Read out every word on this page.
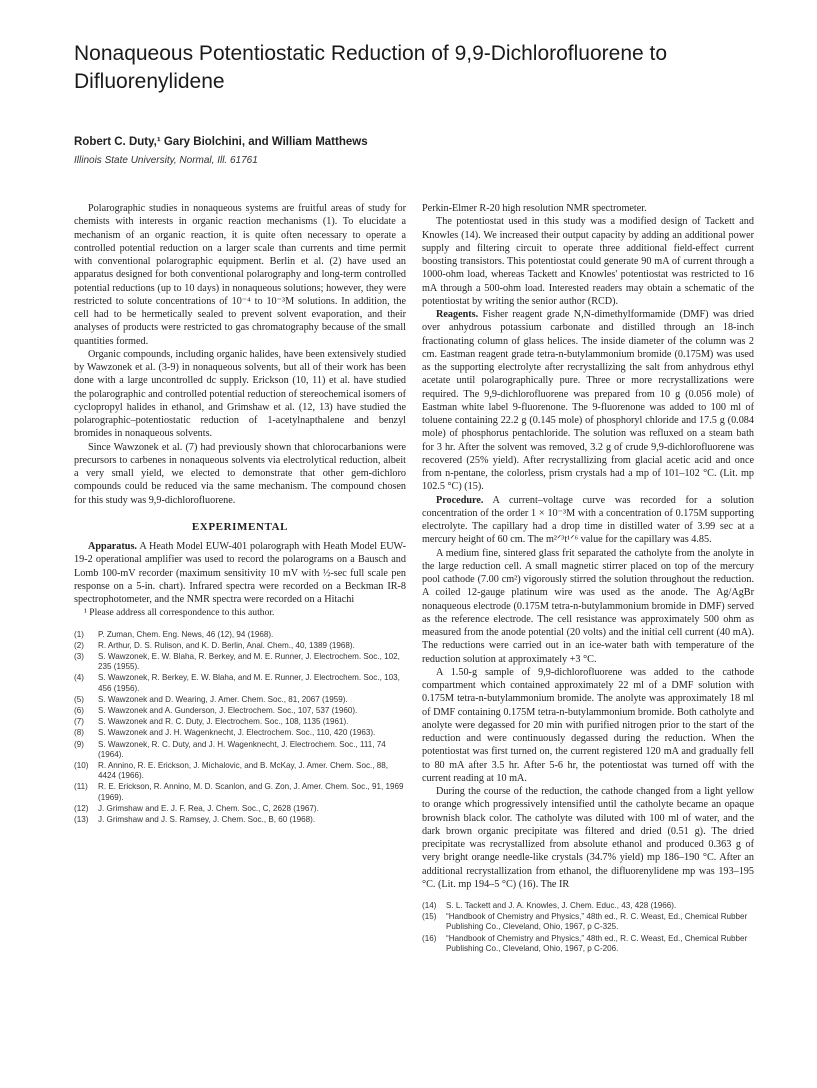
Nonaqueous Potentiostatic Reduction of 9,9-Dichlorofluorene to Difluorenylidene
Robert C. Duty,¹ Gary Biolchini, and William Matthews
Illinois State University, Normal, Ill. 61761

Polarographic studies in nonaqueous systems are fruitful areas of study for chemists with interests in organic reaction mechanisms (1). To elucidate a mechanism of an organic reaction, it is quite often necessary to operate a controlled potential reduction on a larger scale than currents and time permit with conventional polarographic equipment. Berlin et al. (2) have used an apparatus designed for both conventional polarography and long-term controlled potential reductions (up to 10 days) in nonaqueous solutions; however, they were restricted to solute concentrations of 10⁻⁴ to 10⁻³M solutions. In addition, the cell had to be hermetically sealed to prevent solvent evaporation, and their analyses of products were restricted to gas chromatography because of the small quantities formed.

Organic compounds, including organic halides, have been extensively studied by Wawzonek et al. (3-9) in nonaqueous solvents, but all of their work has been done with a large uncontrolled dc supply. Erickson (10, 11) et al. have studied the polarographic and controlled potential reduction of stereochemical isomers of cyclopropyl halides in ethanol, and Grimshaw et al. (12, 13) have studied the polarographic–potentiostatic reduction of 1-acetylnapthalene and benzyl bromides in nonaqueous solvents.

Since Wawzonek et al. (7) had previously shown that chlorocarbanions were precursors to carbenes in nonaqueous solvents via electrolytical reduction, albeit a very small yield, we elected to demonstrate that other gem-dichloro compounds could be reduced via the same mechanism. The compound chosen for this study was 9,9-dichlorofluorene.

EXPERIMENTAL

Apparatus. A Heath Model EUW-401 polarograph with Heath Model EUW-19-2 operational amplifier was used to record the polarograms on a Bausch and Lomb 100-mV recorder (maximum sensitivity 10 mV with ½-sec full scale pen response on a 5-in. chart). Infrared spectra were recorded on a Beckman IR-8 spectrophotometer, and the NMR spectra were recorded on a Hitachi

¹ Please address all correspondence to this author.

(1)	P. Zuman, Chem. Eng. News, 46 (12), 94 (1968).
(2)	R. Arthur, D. S. Rulison, and K. D. Berlin, Anal. Chem., 40, 1389 (1968).
(3)	S. Wawzonek, E. W. Blaha, R. Berkey, and M. E. Runner, J. Electrochem. Soc., 102, 235 (1955).
(4)	S. Wawzonek, R. Berkey, E. W. Blaha, and M. E. Runner, J. Electrochem. Soc., 103, 456 (1956).
(5)	S. Wawzonek and D. Wearing, J. Amer. Chem. Soc., 81, 2067 (1959).
(6)	S. Wawzonek and A. Gunderson, J. Electrochem. Soc., 107, 537 (1960).
(7)	S. Wawzonek and R. C. Duty, J. Electrochem. Soc., 108, 1135 (1961).
(8)	S. Wawzonek and J. H. Wagenknecht, J. Electrochem. Soc., 110, 420 (1963).
(9)	S. Wawzonek, R. C. Duty, and J. H. Wagenknecht, J. Electrochem. Soc., 111, 74 (1964).
(10)	R. Annino, R. E. Erickson, J. Michalovic, and B. McKay, J. Amer. Chem. Soc., 88, 4424 (1966).
(11)	R. E. Erickson, R. Annino, M. D. Scanlon, and G. Zon, J. Amer. Chem. Soc., 91, 1969 (1969).
(12)	J. Grimshaw and E. J. F. Rea, J. Chem. Soc., C, 2628 (1967).
(13)	J. Grimshaw and J. S. Ramsey, J. Chem. Soc., B, 60 (1968).

Perkin-Elmer R-20 high resolution NMR spectrometer.

The potentiostat used in this study was a modified design of Tackett and Knowles (14). We increased their output capacity by adding an additional power supply and filtering circuit to operate three additional field-effect current boosting transistors. This potentiostat could generate 90 mA of current through a 1000-ohm load, whereas Tackett and Knowles' potentiostat was restricted to 16 mA through a 500-ohm load. Interested readers may obtain a schematic of the potentiostat by writing the senior author (RCD).

Reagents. Fisher reagent grade N,N-dimethylformamide (DMF) was dried over anhydrous potassium carbonate and distilled through an 18-inch fractionating column of glass helices. The inside diameter of the column was 2 cm. Eastman reagent grade tetra-n-butylammonium bromide (0.175M) was used as the supporting electrolyte after recrystallizing the salt from anhydrous ethyl acetate until polarographically pure. Three or more recrystallizations were required. The 9,9-dichlorofluorene was prepared from 10 g (0.056 mole) of Eastman white label 9-fluorenone. The 9-fluorenone was added to 100 ml of toluene containing 22.2 g (0.145 mole) of phosphoryl chloride and 17.5 g (0.084 mole) of phosphorus pentachloride. The solution was refluxed on a steam bath for 3 hr. After the solvent was removed, 3.2 g of crude 9,9-dichlorofluorene was recovered (25% yield). After recrystallizing from glacial acetic acid and once from n-pentane, the colorless, prism crystals had a mp of 101–102 °C. (Lit. mp 102.5 °C) (15).

Procedure. A current–voltage curve was recorded for a solution concentration of the order 1 × 10⁻³M with a concentration of 0.175M supporting electrolyte. The capillary had a drop time in distilled water of 3.99 sec at a mercury height of 60 cm. The m²ᐟ³t¹ᐟ⁶ value for the capillary was 4.85.

A medium fine, sintered glass frit separated the catholyte from the anolyte in the large reduction cell. A small magnetic stirrer placed on top of the mercury pool cathode (7.00 cm²) vigorously stirred the solution throughout the reduction. A coiled 12-gauge platinum wire was used as the anode. The Ag/AgBr nonaqueous electrode (0.175M tetra-n-butylammonium bromide in DMF) served as the reference electrode. The cell resistance was approximately 500 ohm as measured from the anode potential (20 volts) and the initial cell current (40 mA). The reductions were carried out in an ice-water bath with temperature of the reduction solution at approximately +3 °C.

A 1.50-g sample of 9,9-dichlorofluorene was added to the cathode compartment which contained approximately 22 ml of a DMF solution with 0.175M tetra-n-butylammonium bromide. The anolyte was approximately 18 ml of DMF containing 0.175M tetra-n-butylammonium bromide. Both catholyte and anolyte were degassed for 20 min with purified nitrogen prior to the start of the reduction and were continuously degassed during the reduction. When the potentiostat was first turned on, the current registered 120 mA and gradually fell to 80 mA after 3.5 hr. After 5-6 hr, the potentiostat was turned off with the current reading at 10 mA.

During the course of the reduction, the cathode changed from a light yellow to orange which progressively intensified until the catholyte became an opaque brownish black color. The catholyte was diluted with 100 ml of water, and the dark brown organic precipitate was filtered and dried (0.51 g). The dried precipitate was recrystallized from absolute ethanol and produced 0.363 g of very bright orange needle-like crystals (34.7% yield) mp 186–190 °C. After an additional recrystallization from ethanol, the difluorenylidene mp was 193–195 °C. (Lit. mp 194–5 °C) (16). The IR

(14)	S. L. Tackett and J. A. Knowles, J. Chem. Educ., 43, 428 (1966).
(15)	“Handbook of Chemistry and Physics,” 48th ed., R. C. Weast, Ed., Chemical Rubber Publishing Co., Cleveland, Ohio, 1967, p C-325.
(16)	“Handbook of Chemistry and Physics,” 48th ed., R. C. Weast, Ed., Chemical Rubber Publishing Co., Cleveland, Ohio, 1967, p C-206.
